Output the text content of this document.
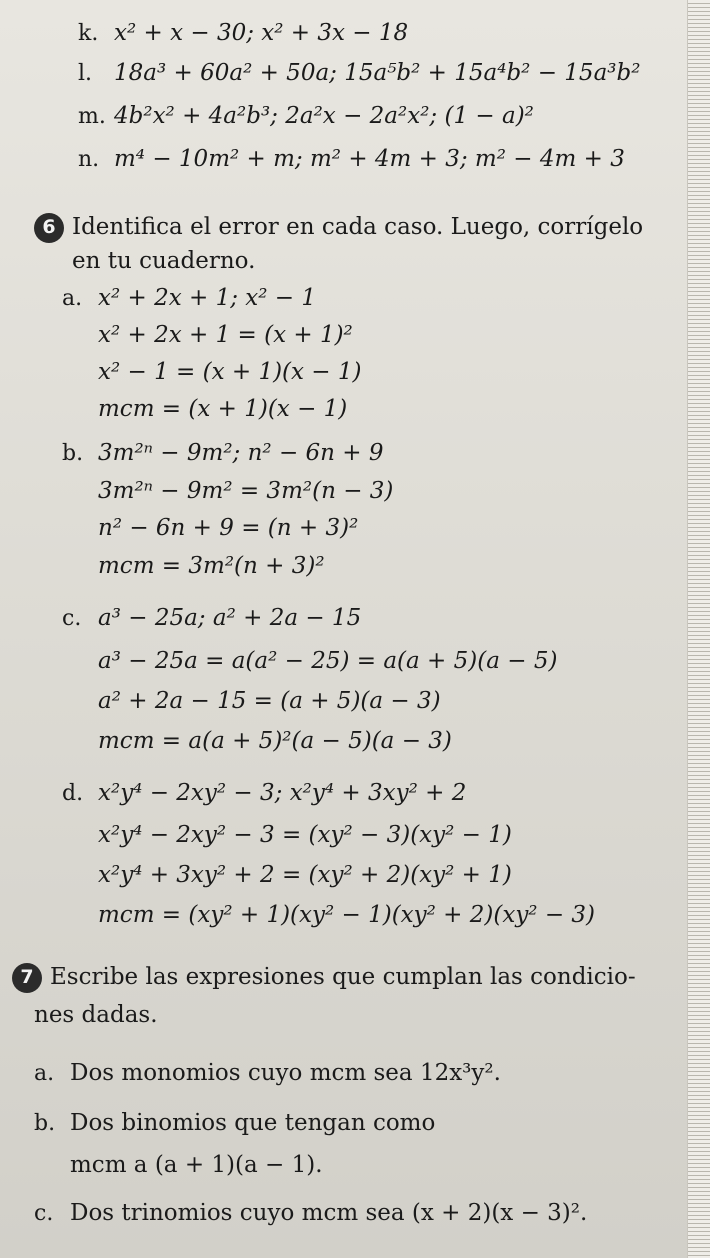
k. x² + x − 30; x² + 3x − 18
l. 18a³ + 60a² + 50a; 15a⁵b² + 15a⁴b² − 15a³b²
m. 4b²x² + 4a²b³; 2a²x − 2a²x²; (1 − a)²
n. m⁴ − 10m² + m; m² + 4m + 3; m² − 4m + 3
6 Identifica el error en cada caso. Luego, corrígelo
en tu cuaderno.
a. x² + 2x + 1; x² − 1
x² + 2x + 1 = (x + 1)²
x² − 1 = (x + 1)(x − 1)
mcm = (x + 1)(x − 1)
b. 3m²ⁿ − 9m²; n² − 6n + 9
3m²ⁿ − 9m² = 3m²(n − 3)
n² − 6n + 9 = (n + 3)²
mcm = 3m²(n + 3)²
c. a³ − 25a; a² + 2a − 15
a³ − 25a = a(a² − 25) = a(a + 5)(a − 5)
a² + 2a − 15 = (a + 5)(a − 3)
mcm = a(a + 5)²(a − 5)(a − 3)
d. x²y⁴ − 2xy² − 3; x²y⁴ + 3xy² + 2
x²y⁴ − 2xy² − 3 = (xy² − 3)(xy² − 1)
x²y⁴ + 3xy² + 2 = (xy² + 2)(xy² + 1)
mcm = (xy² + 1)(xy² − 1)(xy² + 2)(xy² − 3)
7 Escribe las expresiones que cumplan las condicio-
nes dadas.
a. Dos monomios cuyo mcm sea 12x³y².
b. Dos binomios que tengan como
mcm a (a + 1)(a − 1).
c. Dos trinomios cuyo mcm sea (x + 2)(x − 3)².
